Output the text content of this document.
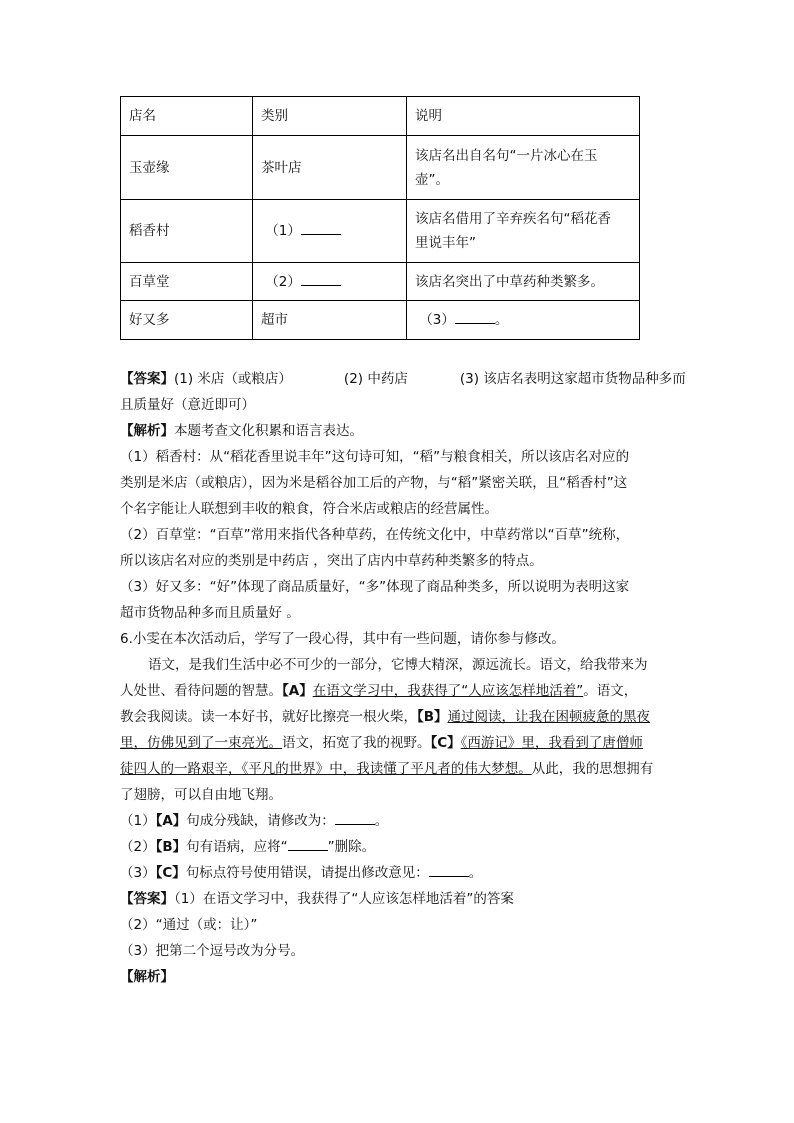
店名	类别	说明
玉壶缘	茶叶店	该店名出自名句“一片冰心在玉
壶”。

稻香村	（1）	该店名借用了辛弃疾名句“稻花香
里说丰年”

百草堂	（2）	该店名突出了中草药种类繁多。
好又多	超市	（3） 。
【答案】(1) 米店（或粮店）	(2) 中药店	(3) 该店名表明这家超市货物品种多而
且质量好（意近即可）
【解析】本题考查文化积累和语言表达。
（1）稻香村：从“稻花香里说丰年”这句诗可知，“稻”与粮食相关，所以该店名对应的
类别是米店（或粮店），因为米是稻谷加工后的产物，与“稻”紧密关联，且“稻香村”这
个名字能让人联想到丰收的粮食，符合米店或粮店的经营属性。
（2）百草堂：“百草”常用来指代各种草药，在传统文化中，中草药常以“百草”统称，
所以该店名对应的类别是中药店 ，突出了店内中草药种类繁多的特点。
（3）好又多：“好”体现了商品质量好，“多”体现了商品种类多，所以说明为表明这家
超市货物品种多而且质量好 。
6.小雯在本次活动后，学写了一段心得，其中有一些问题，请你参与修改。
语文，是我们生活中必不可少的一部分，它博大精深，源远流长。语文，给我带来为
人处世、看待问题的智慧。【A】在语文学习中，我获得了“人应该怎样地活着”。语文，
教会我阅读。读一本好书，就好比擦亮一根火柴，【B】通过阅读，让我在困顿疲惫的黑夜
里，仿佛见到了一束亮光。语文，拓宽了我的视野。【C】《西游记》里，我看到了唐僧师
徒四人的一路艰辛，《平凡的世界》中，我读懂了平凡者的伟大梦想。从此，我的思想拥有
了翅膀，可以自由地飞翔。
（1）【A】句成分残缺，请修改为：	。
（2）【B】句有语病，应将“	”删除。
（3）【C】句标点符号使用错误，请提出修改意见：	。
【答案】（1）在语文学习中，我获得了“人应该怎样地活着”的答案
（2）“通过（或：让）”
（3）把第二个逗号改为分号。
【解析】
